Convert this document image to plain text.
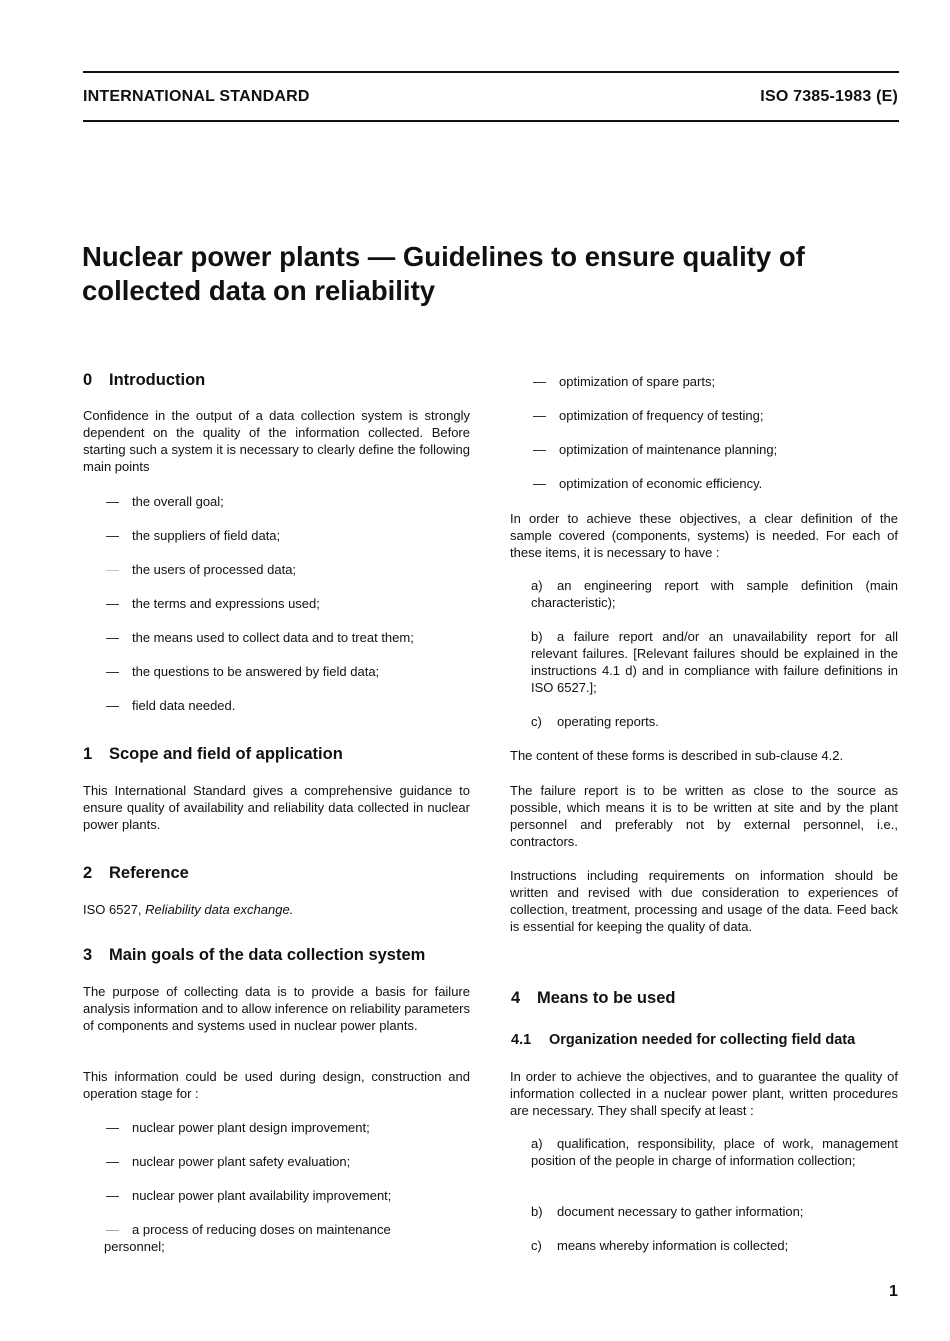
INTERNATIONAL STANDARD	ISO 7385-1983 (E)
Nuclear power plants — Guidelines to ensure quality of collected data on reliability
0 Introduction

Confidence in the output of a data collection system is strongly dependent on the quality of the information collected. Before starting such a system it is necessary to clearly define the following main points

— the overall goal;
— the suppliers of field data;
— the users of processed data;
— the terms and expressions used;
— the means used to collect data and to treat them;
— the questions to be answered by field data;
— field data needed.
1 Scope and field of application

This International Standard gives a comprehensive guidance to ensure quality of availability and reliability data collected in nuclear power plants.

2 Reference

ISO 6527, Reliability data exchange.

3 Main goals of the data collection system

The purpose of collecting data is to provide a basis for failure analysis information and to allow inference on reliability parameters of components and systems used in nuclear power plants.

This information could be used during design, construction and operation stage for :

— nuclear power plant design improvement;
— nuclear power plant safety evaluation;
— nuclear power plant availability improvement;
— a process of reducing doses on maintenance
personnel;
— optimization of spare parts;
— optimization of frequency of testing;
— optimization of maintenance planning;
— optimization of economic efficiency.

In order to achieve these objectives, a clear definition of the sample covered (components, systems) is needed. For each of these items, it is necessary to have :

a) an engineering report with sample definition (main characteristic);
b) a failure report and/or an unavailability report for all relevant failures. [Relevant failures should be explained in the instructions 4.1 d) and in compliance with failure definitions in ISO 6527.];
c) operating reports.

The content of these forms is described in sub-clause 4.2.

The failure report is to be written as close to the source as possible, which means it is to be written at site and by the plant personnel and preferably not by external personnel, i.e., contractors.

Instructions including requirements on information should be written and revised with due consideration to experiences of collection, treatment, processing and usage of the data. Feed back is essential for keeping the quality of data.

4 Means to be used
4.1 Organization needed for collecting field data

In order to achieve the objectives, and to guarantee the quality of information collected in a nuclear power plant, written procedures are necessary. They shall specify at least :

a) qualification, responsibility, place of work, management position of the people in charge of information collection;
b) document necessary to gather information;
c) means whereby information is collected;
1
